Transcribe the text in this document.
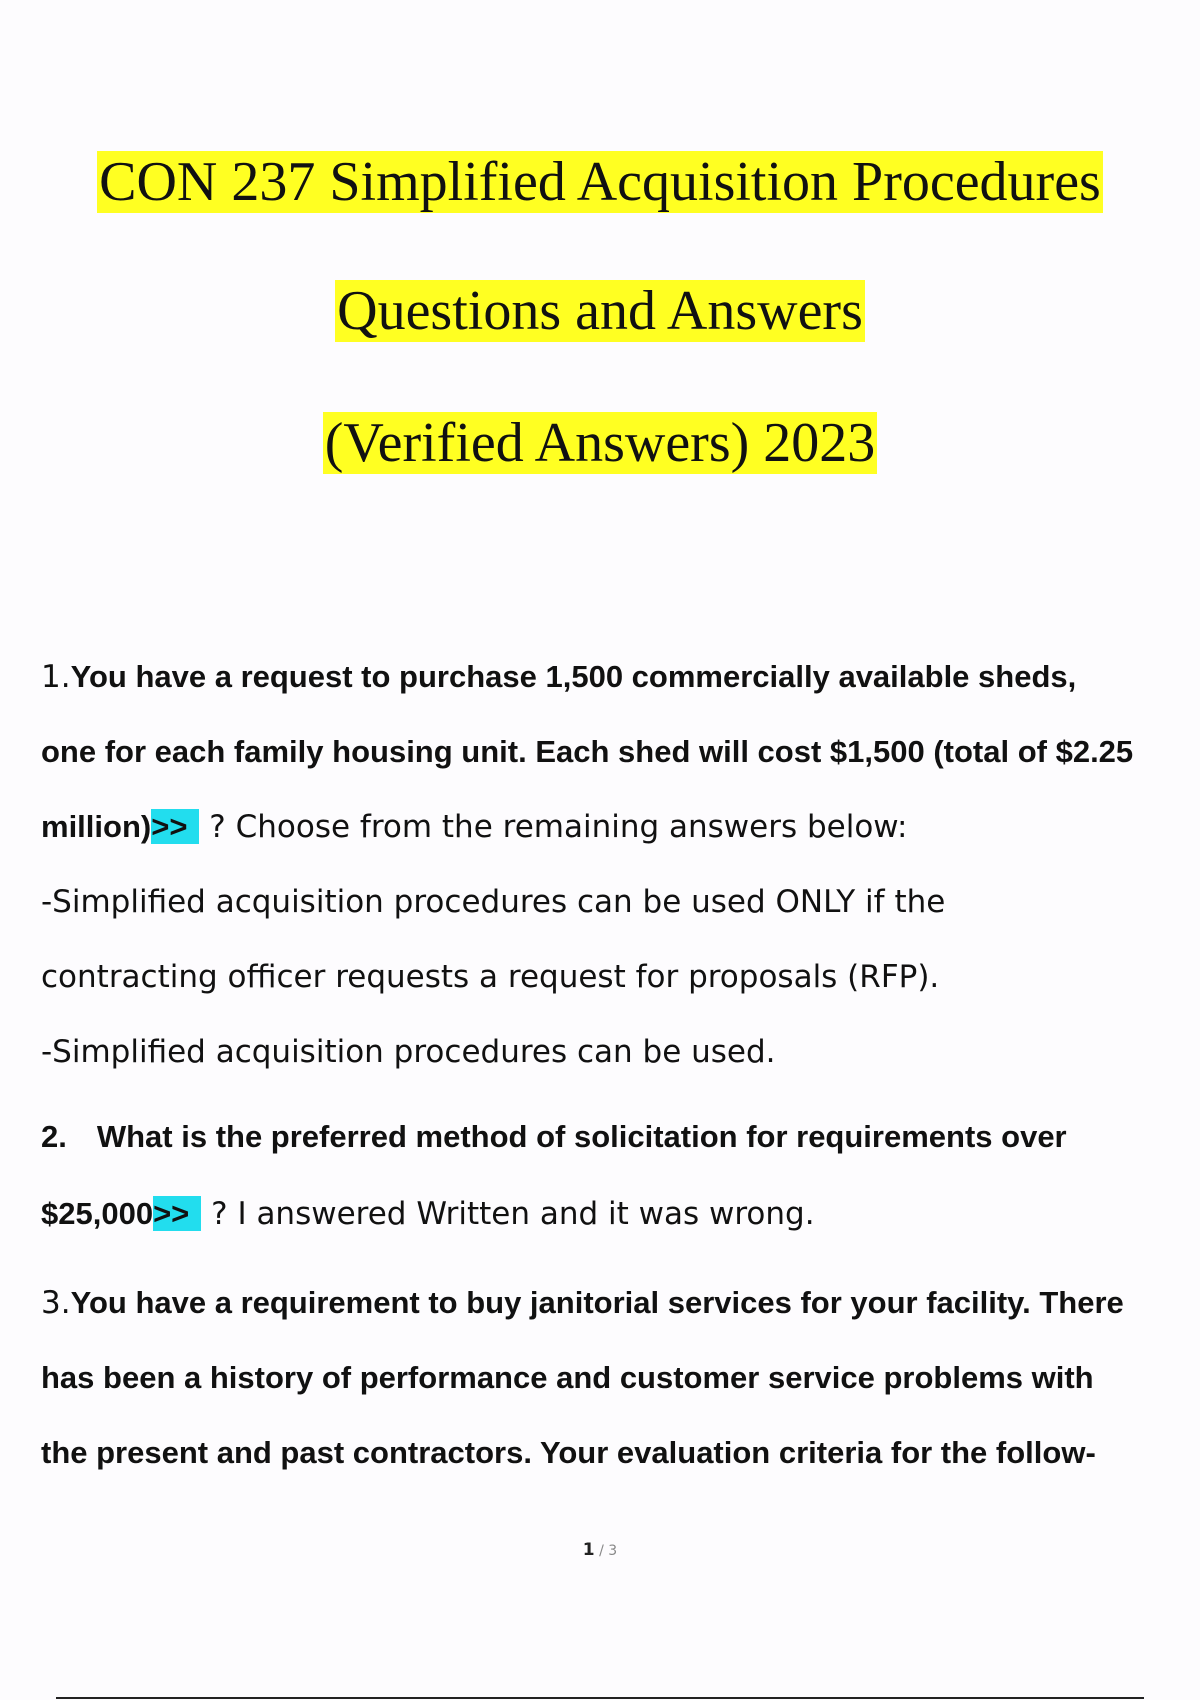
CON 237 Simplified Acquisition Procedures
Questions and Answers
(Verified Answers) 2023
1.You have a request to purchase 1,500 commercially available sheds,
one for each family housing unit. Each shed will cost $1,500 (total of $2.25
million)>> ? Choose from the remaining answers below:
-Simplified acquisition procedures can be used ONLY if the
contracting officer requests a request for proposals (RFP).
-Simplified acquisition procedures can be used.
2. What is the preferred method of solicitation for requirements over
$25,000>> ? I answered Written and it was wrong.
3.You have a requirement to buy janitorial services for your facility. There
has been a history of performance and customer service problems with
the present and past contractors. Your evaluation criteria for the follow-
1 / 3
